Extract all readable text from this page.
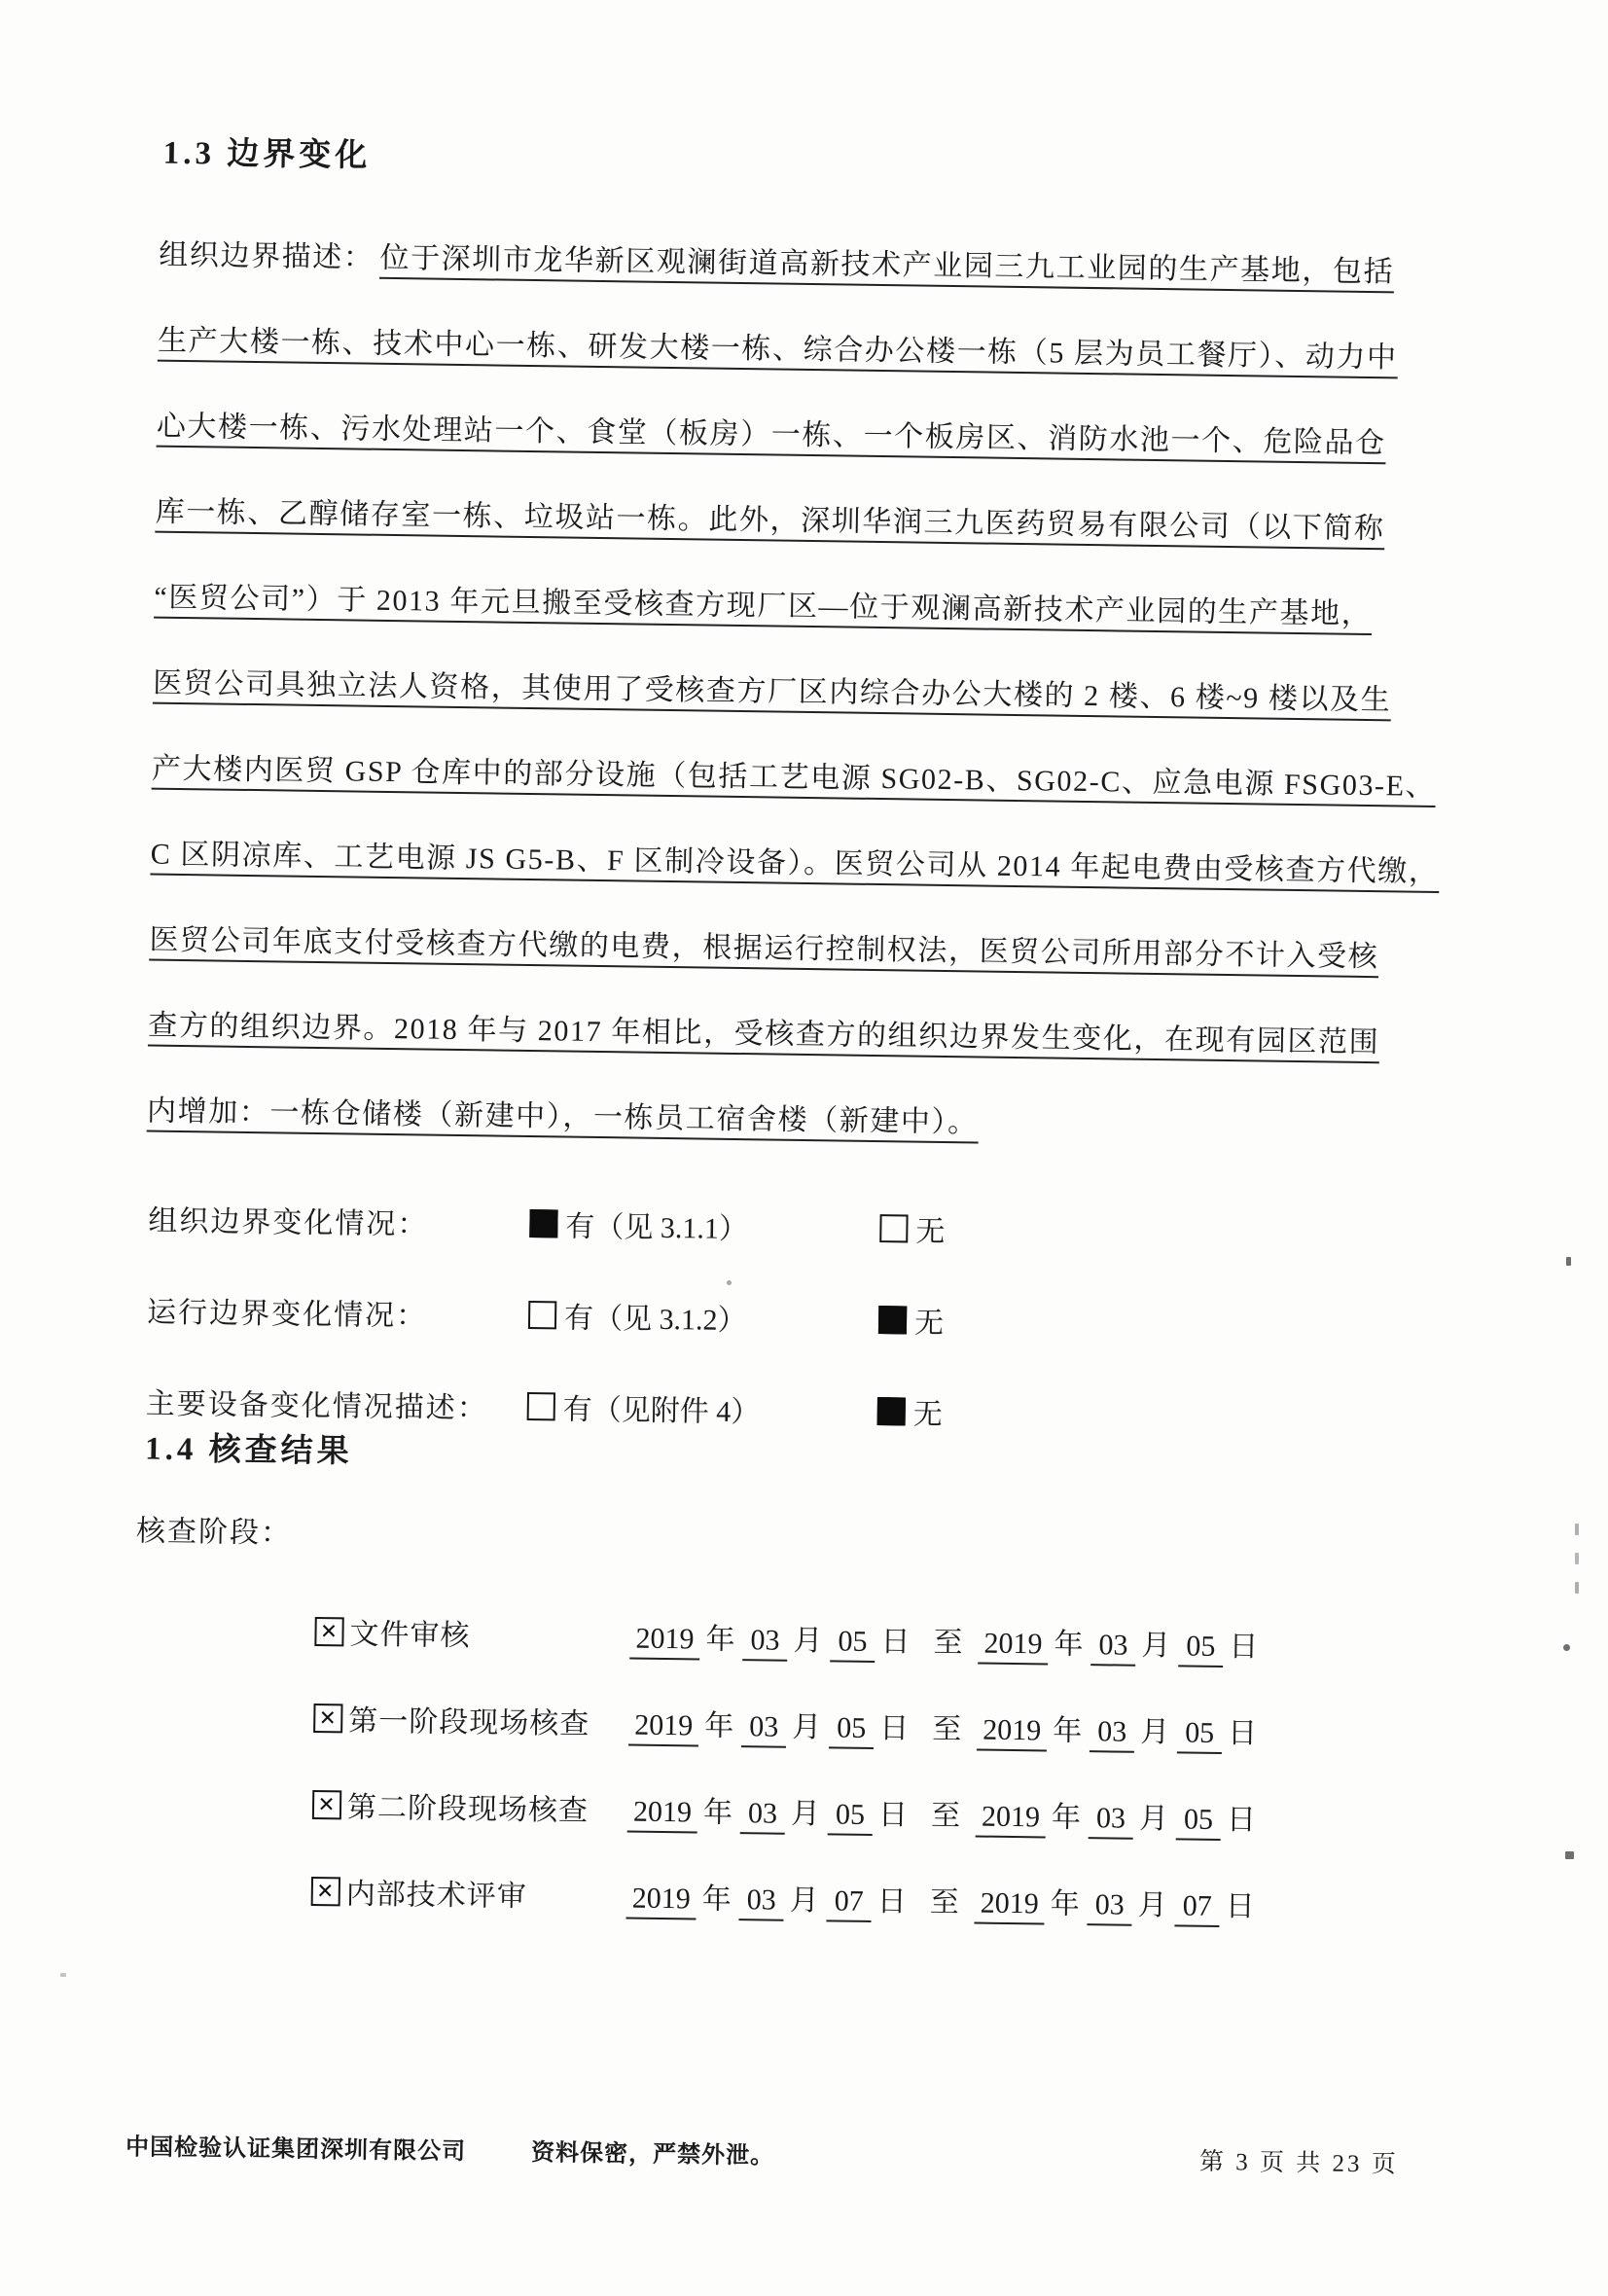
1.3 边界变化
组织边界描述： 位于深圳市龙华新区观澜街道高新技术产业园三九工业园的生产基地，包括
生产大楼一栋、技术中心一栋、研发大楼一栋、综合办公楼一栋（5 层为员工餐厅）、动力中
心大楼一栋、污水处理站一个、食堂（板房）一栋、一个板房区、消防水池一个、危险品仓
库一栋、乙醇储存室一栋、垃圾站一栋。此外，深圳华润三九医药贸易有限公司（以下简称
“医贸公司”）于 2013 年元旦搬至受核查方现厂区—位于观澜高新技术产业园的生产基地，
医贸公司具独立法人资格，其使用了受核查方厂区内综合办公大楼的 2 楼、6 楼~9 楼以及生
产大楼内医贸 GSP 仓库中的部分设施（包括工艺电源 SG02-B、SG02-C、应急电源 FSG03-E、
C 区阴凉库、工艺电源 JS G5-B、F 区制冷设备）。医贸公司从 2014 年起电费由受核查方代缴，
医贸公司年底支付受核查方代缴的电费，根据运行控制权法，医贸公司所用部分不计入受核
查方的组织边界。2018 年与 2017 年相比，受核查方的组织边界发生变化，在现有园区范围
内增加：一栋仓储楼（新建中），一栋员工宿舍楼（新建中）。
组织边界变化情况：	有（见 3.1.1）	无
运行边界变化情况：	有（见 3.1.2）	无
主要设备变化情况描述：	有（见附件 4）	无
1.4 核查结果
核查阶段：
×文件审核	2019 年 03 月 05 日 至 2019 年 03 月 05 日
×第一阶段现场核查 2019 年 03 月 05 日 至 2019 年 03 月 05 日
×第二阶段现场核查 2019 年 03 月 05 日 至 2019 年 03 月 05 日
×内部技术评审	2019 年 03 月 07 日 至 2019 年 03 月 07 日
中国检验认证集团深圳有限公司	资料保密，严禁外泄。	第 3 页 共 23 页
